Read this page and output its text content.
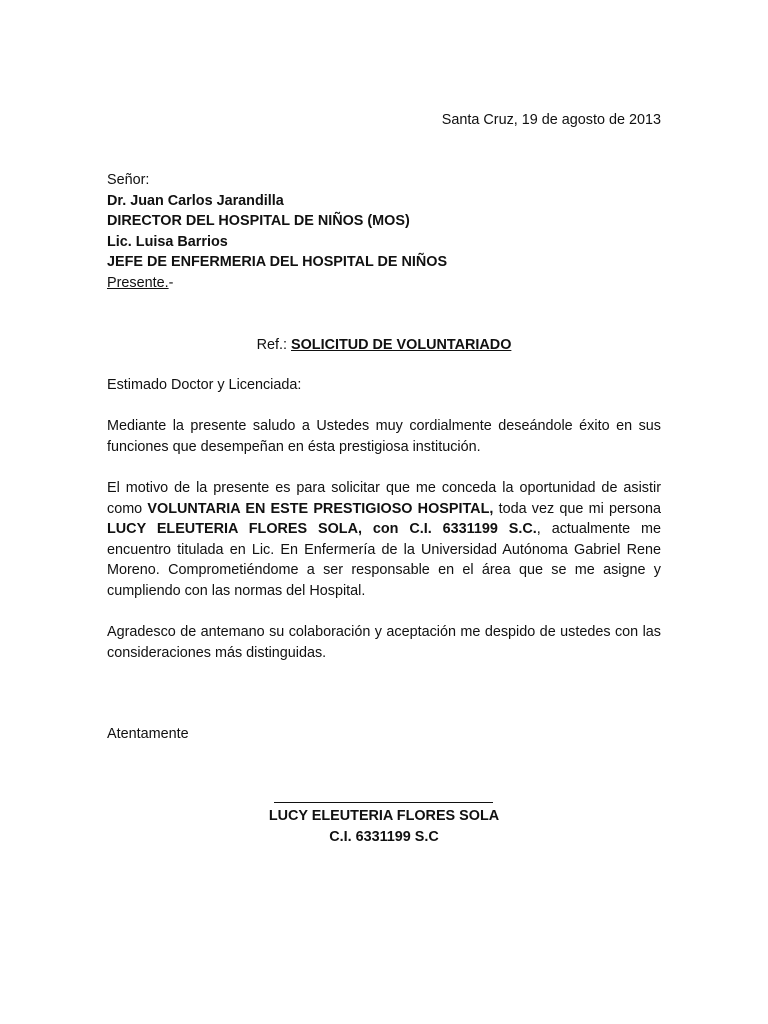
Santa Cruz, 19 de agosto de 2013
Señor:
Dr. Juan Carlos Jarandilla
DIRECTOR DEL HOSPITAL DE NIÑOS (MOS)
Lic. Luisa Barrios
JEFE DE ENFERMERIA DEL HOSPITAL DE NIÑOS
Presente.-
Ref.: SOLICITUD DE VOLUNTARIADO
Estimado Doctor y Licenciada:
Mediante la presente saludo a Ustedes muy cordialmente deseándole éxito en sus funciones que desempeñan en ésta prestigiosa institución.
El motivo de la presente es para solicitar que me conceda la oportunidad de asistir como VOLUNTARIA EN ESTE PRESTIGIOSO HOSPITAL, toda vez que mi persona LUCY ELEUTERIA FLORES SOLA, con C.I. 6331199 S.C., actualmente me encuentro titulada en Lic. En Enfermería de la Universidad Autónoma Gabriel Rene Moreno. Comprometiéndome a ser responsable en el área que se me asigne y cumpliendo con las normas del Hospital.
Agradesco de antemano su colaboración y aceptación me despido de ustedes con las consideraciones más distinguidas.
Atentamente
LUCY ELEUTERIA FLORES SOLA
C.I. 6331199 S.C
